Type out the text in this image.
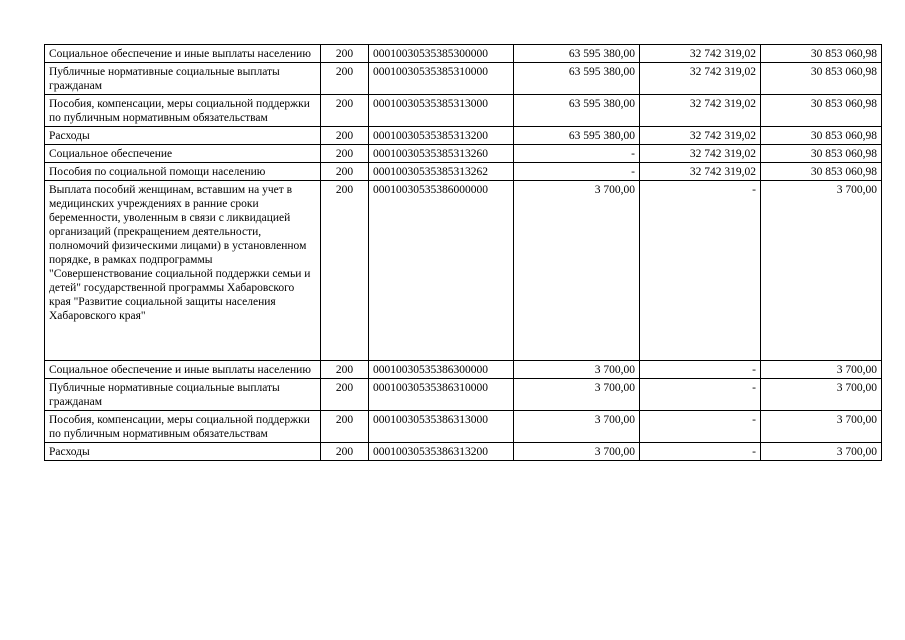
Социальное обеспечение и иные выплаты населению	200	00010030535385300000	63 595 380,00	32 742 319,02	30 853 060,98
Публичные нормативные социальные выплаты гражданам	200	00010030535385310000	63 595 380,00	32 742 319,02	30 853 060,98
Пособия, компенсации, меры социальной поддержки по публичным нормативным обязательствам	200	00010030535385313000	63 595 380,00	32 742 319,02	30 853 060,98
Расходы	200	00010030535385313200	63 595 380,00	32 742 319,02	30 853 060,98
Социальное обеспечение	200	00010030535385313260	-	32 742 319,02	30 853 060,98
Пособия по социальной помощи населению	200	00010030535385313262	-	32 742 319,02	30 853 060,98
Выплата пособий женщинам, вставшим на учет в медицинских учреждениях в ранние сроки беременности, уволенным в связи с ликвидацией организаций (прекращением деятельности, полномочий физическими лицами) в установленном порядке, в рамках подпрограммы "Совершенствование социальной поддержки семьи и детей" государственной программы Хабаровского края "Развитие социальной защиты населения Хабаровского края"	200	00010030535386000000	3 700,00	-	3 700,00
Социальное обеспечение и иные выплаты населению	200	00010030535386300000	3 700,00	-	3 700,00
Публичные нормативные социальные выплаты гражданам	200	00010030535386310000	3 700,00	-	3 700,00
Пособия, компенсации, меры социальной поддержки по публичным нормативным обязательствам	200	00010030535386313000	3 700,00	-	3 700,00
Расходы	200	00010030535386313200	3 700,00	-	3 700,00
